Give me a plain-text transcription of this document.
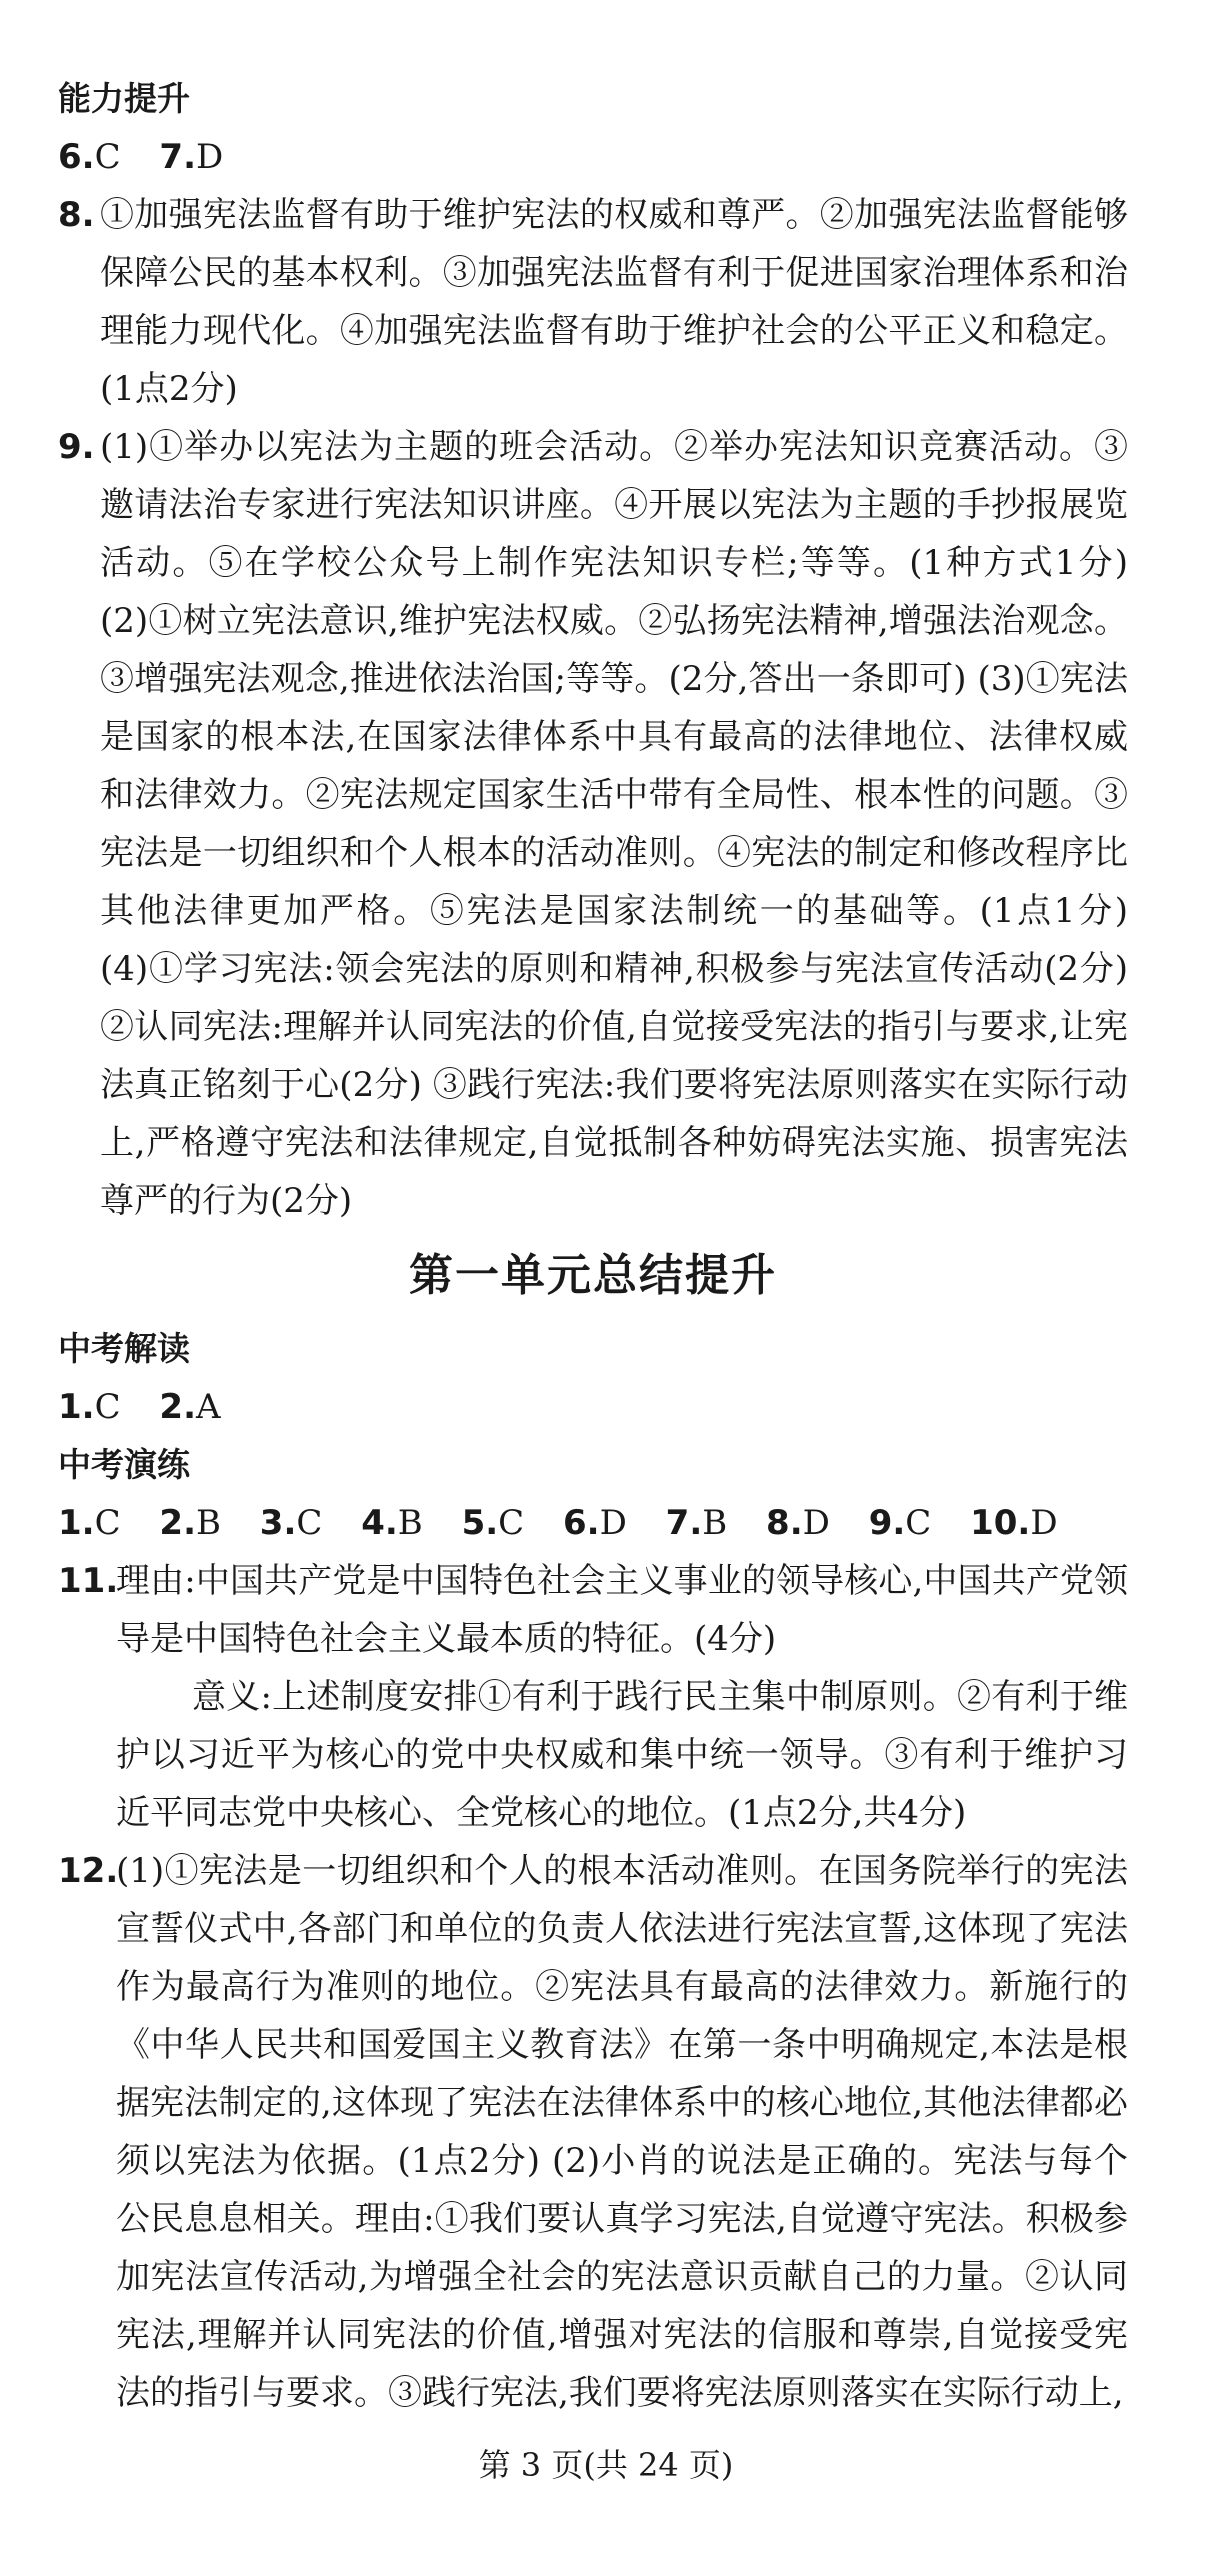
能力提升
6.C 7.D
8. ①加强宪法监督有助于维护宪法的权威和尊严。②加强宪法监督能够保障公民的基本权利。③加强宪法监督有利于促进国家治理体系和治理能力现代化。④加强宪法监督有助于维护社会的公平正义和稳定。(1点2分)
9. (1)①举办以宪法为主题的班会活动。②举办宪法知识竞赛活动。③邀请法治专家进行宪法知识讲座。④开展以宪法为主题的手抄报展览活动。⑤在学校公众号上制作宪法知识专栏;等等。(1种方式1分) (2)①树立宪法意识,维护宪法权威。②弘扬宪法精神,增强法治观念。③增强宪法观念,推进依法治国;等等。(2分,答出一条即可) (3)①宪法是国家的根本法,在国家法律体系中具有最高的法律地位、法律权威和法律效力。②宪法规定国家生活中带有全局性、根本性的问题。③宪法是一切组织和个人根本的活动准则。④宪法的制定和修改程序比其他法律更加严格。⑤宪法是国家法制统一的基础等。(1点1分) (4)①学习宪法:领会宪法的原则和精神,积极参与宪法宣传活动(2分) ②认同宪法:理解并认同宪法的价值,自觉接受宪法的指引与要求,让宪法真正铭刻于心(2分) ③践行宪法:我们要将宪法原则落实在实际行动上,严格遵守宪法和法律规定,自觉抵制各种妨碍宪法实施、损害宪法尊严的行为(2分)
第一单元总结提升
中考解读
1.C 2.A
中考演练
1.C 2.B 3.C 4.B 5.C 6.D 7.B 8.D 9.C 10.D
11.
理由:中国共产党是中国特色社会主义事业的领导核心,中国共产党领导是中国特色社会主义最本质的特征。(4分)
意义:上述制度安排①有利于践行民主集中制原则。②有利于维护以习近平为核心的党中央权威和集中统一领导。③有利于维护习近平同志党中央核心、全党核心的地位。(1点2分,共4分)
12.
(1)①宪法是一切组织和个人的根本活动准则。在国务院举行的宪法宣誓仪式中,各部门和单位的负责人依法进行宪法宣誓,这体现了宪法作为最高行为准则的地位。②宪法具有最高的法律效力。新施行的《中华人民共和国爱国主义教育法》在第一条中明确规定,本法是根据宪法制定的,这体现了宪法在法律体系中的核心地位,其他法律都必须以宪法为依据。(1点2分) (2)小肖的说法是正确的。宪法与每个公民息息相关。理由:①我们要认真学习宪法,自觉遵守宪法。积极参加宪法宣传活动,为增强全社会的宪法意识贡献自己的力量。②认同宪法,理解并认同宪法的价值,增强对宪法的信服和尊崇,自觉接受宪法的指引与要求。③践行宪法,我们要将宪法原则落实在实际行动上,
第 3 页(共 24 页)
